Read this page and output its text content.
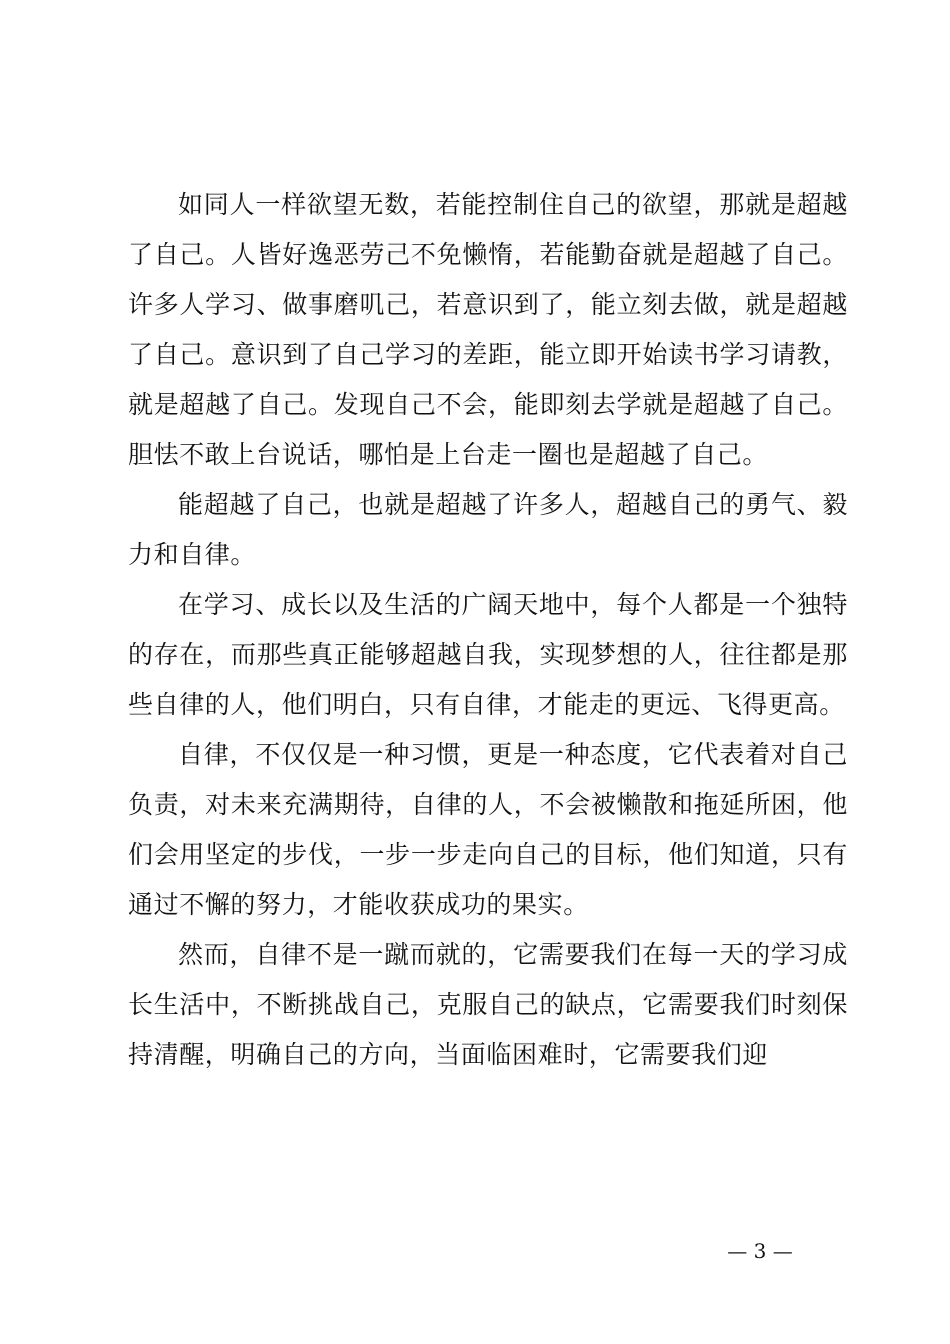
如同人一样欲望无数，若能控制住自己的欲望，那就是超越了自己。人皆好逸恶劳己不免懒惰，若能勤奋就是超越了自己。许多人学习、做事磨叽己，若意识到了，能立刻去做，就是超越了自己。意识到了自己学习的差距，能立即开始读书学习请教，就是超越了自己。发现自己不会，能即刻去学就是超越了自己。胆怯不敢上台说话，哪怕是上台走一圈也是超越了自己。

能超越了自己，也就是超越了许多人，超越自己的勇气、毅力和自律。

在学习、成长以及生活的广阔天地中，每个人都是一个独特的存在，而那些真正能够超越自我，实现梦想的人，往往都是那些自律的人，他们明白，只有自律，才能走的更远、飞得更高。

自律，不仅仅是一种习惯，更是一种态度，它代表着对自己负责，对未来充满期待，自律的人，不会被懒散和拖延所困，他们会用坚定的步伐，一步一步走向自己的目标，他们知道，只有通过不懈的努力，才能收获成功的果实。

然而，自律不是一蹴而就的，它需要我们在每一天的学习成长生活中，不断挑战自己，克服自己的缺点，它需要我们时刻保持清醒，明确自己的方向，当面临困难时，它需要我们迎

— 3 —
